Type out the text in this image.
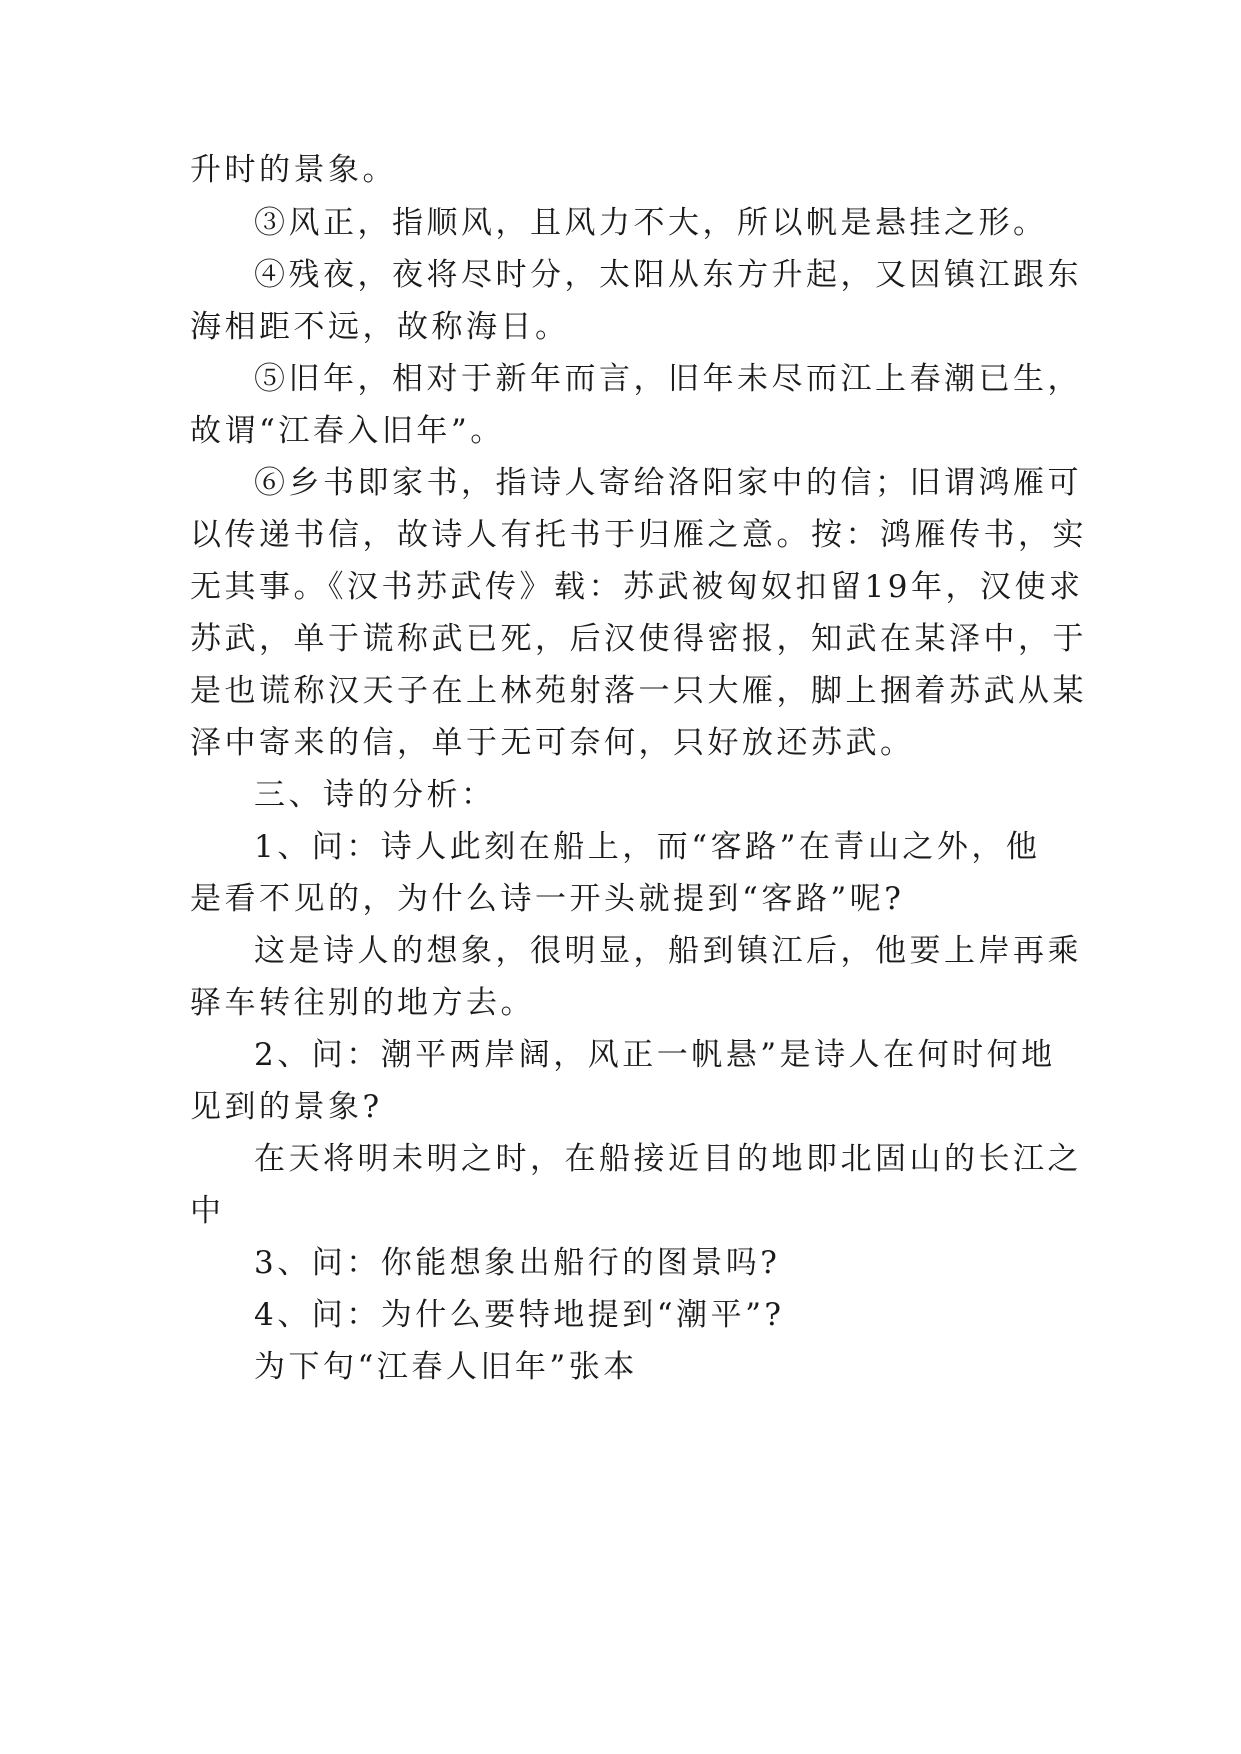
升时的景象。
③风正，指顺风，且风力不大，所以帆是悬挂之形。
④残夜，夜将尽时分，太阳从东方升起，又因镇江跟东
海相距不远，故称海日。
⑤旧年，相对于新年而言，旧年未尽而江上春潮已生，
故谓“江春入旧年”。
⑥乡书即家书，指诗人寄给洛阳家中的信；旧谓鸿雁可
以传递书信，故诗人有托书于归雁之意。按：鸿雁传书，实
无其事。《汉书苏武传》载：苏武被匈奴扣留19年，汉使求
苏武，单于谎称武已死，后汉使得密报，知武在某泽中，于
是也谎称汉天子在上林苑射落一只大雁，脚上捆着苏武从某
泽中寄来的信，单于无可奈何，只好放还苏武。
三、诗的分析：
1、问：诗人此刻在船上，而“客路”在青山之外，他
是看不见的，为什么诗一开头就提到“客路”呢?
这是诗人的想象，很明显，船到镇江后，他要上岸再乘
驿车转往别的地方去。
2、问：潮平两岸阔，风正一帆悬”是诗人在何时何地
见到的景象?
在天将明未明之时，在船接近目的地即北固山的长江之
中
3、问：你能想象出船行的图景吗?
4、问：为什么要特地提到“潮平”?
为下句“江春人旧年”张本
